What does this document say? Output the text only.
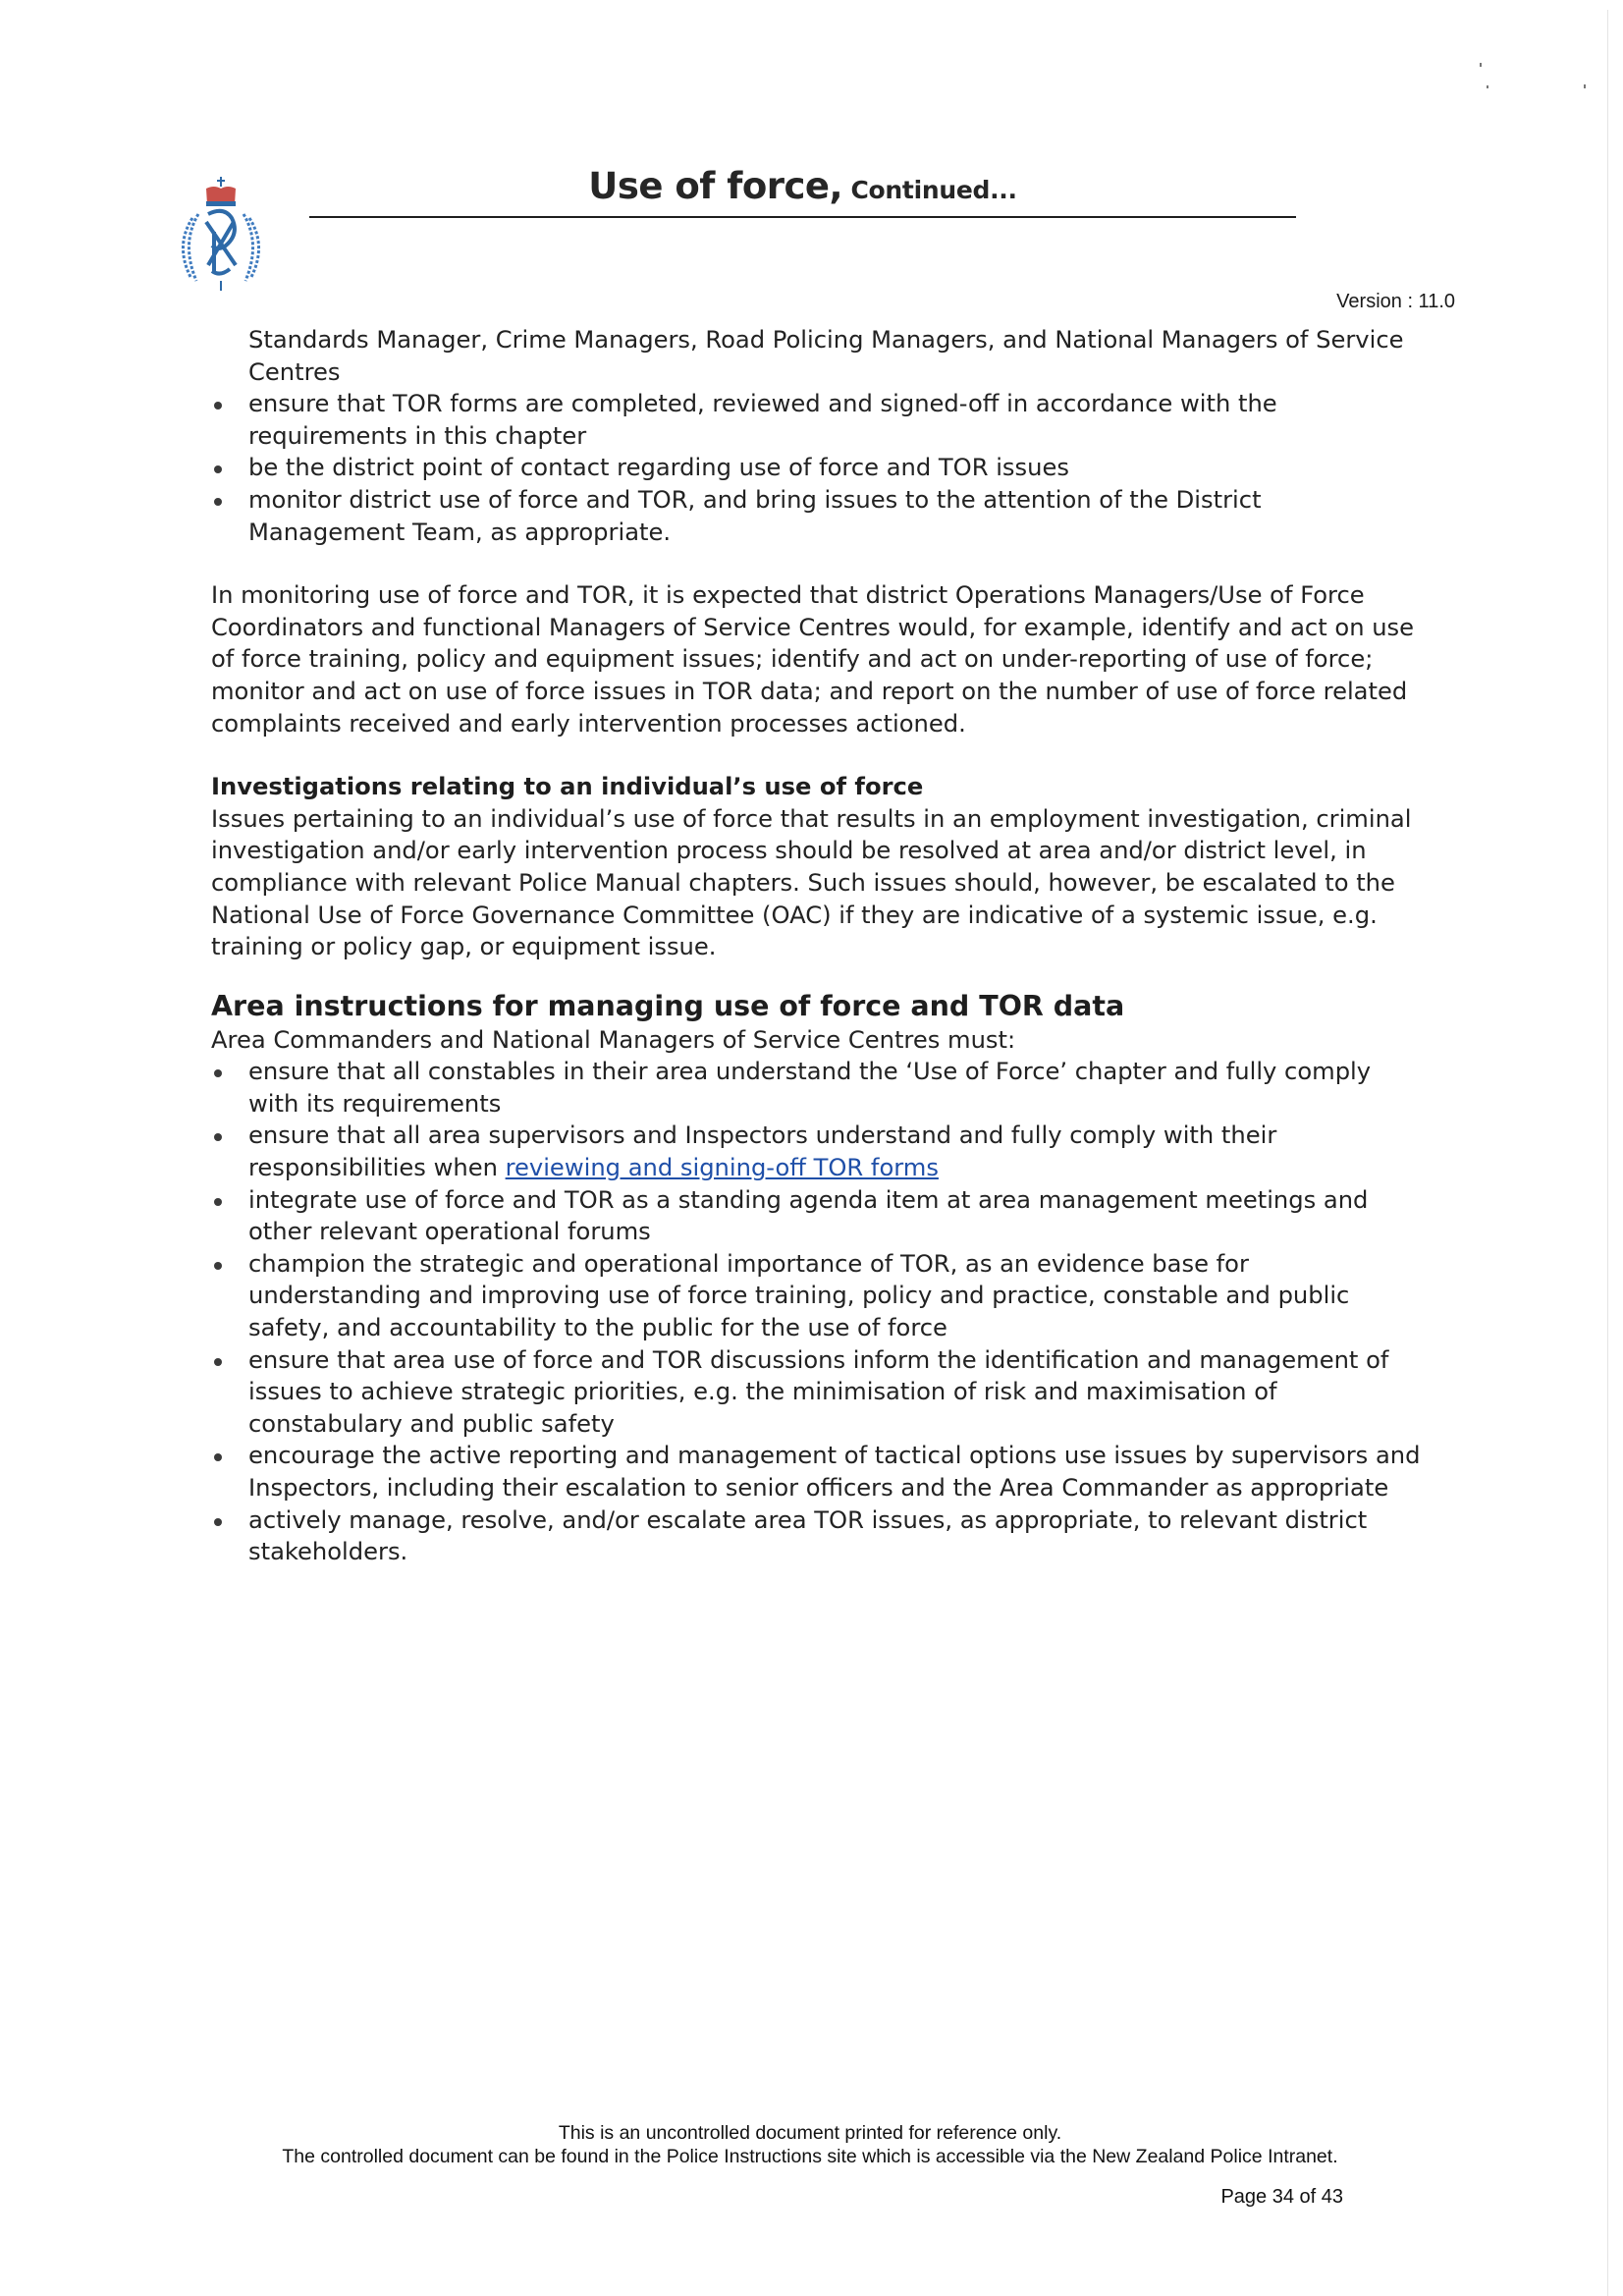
Use of force, Continued...
Version : 11.0

Standards Manager, Crime Managers, Road Policing Managers, and National Managers of Service Centres

ensure that TOR forms are completed, reviewed and signed-off in accordance with the requirements in this chapter
be the district point of contact regarding use of force and TOR issues
monitor district use of force and TOR, and bring issues to the attention of the District Management Team, as appropriate.

In monitoring use of force and TOR, it is expected that district Operations Managers/Use of Force Coordinators and functional Managers of Service Centres would, for example, identify and act on use of force training, policy and equipment issues; identify and act on under-reporting of use of force; monitor and act on use of force issues in TOR data; and report on the number of use of force related complaints received and early intervention processes actioned.

Investigations relating to an individual’s use of force

Issues pertaining to an individual’s use of force that results in an employment investigation, criminal investigation and/or early intervention process should be resolved at area and/or district level, in compliance with relevant Police Manual chapters. Such issues should, however, be escalated to the National Use of Force Governance Committee (OAC) if they are indicative of a systemic issue, e.g. training or policy gap, or equipment issue.

Area instructions for managing use of force and TOR data

Area Commanders and National Managers of Service Centres must:

ensure that all constables in their area understand the ‘Use of Force’ chapter and fully comply with its requirements
ensure that all area supervisors and Inspectors understand and fully comply with their responsibilities when reviewing and signing-off TOR forms
integrate use of force and TOR as a standing agenda item at area management meetings and other relevant operational forums
champion the strategic and operational importance of TOR, as an evidence base for understanding and improving use of force training, policy and practice, constable and public safety, and accountability to the public for the use of force
ensure that area use of force and TOR discussions inform the identification and management of issues to achieve strategic priorities, e.g. the minimisation of risk and maximisation of constabulary and public safety
encourage the active reporting and management of tactical options use issues by supervisors and Inspectors, including their escalation to senior officers and the Area Commander as appropriate
actively manage, resolve, and/or escalate area TOR issues, as appropriate, to relevant district stakeholders.
This is an uncontrolled document printed for reference only.
The controlled document can be found in the Police Instructions site which is accessible via the New Zealand Police Intranet.
Page 34 of 43
